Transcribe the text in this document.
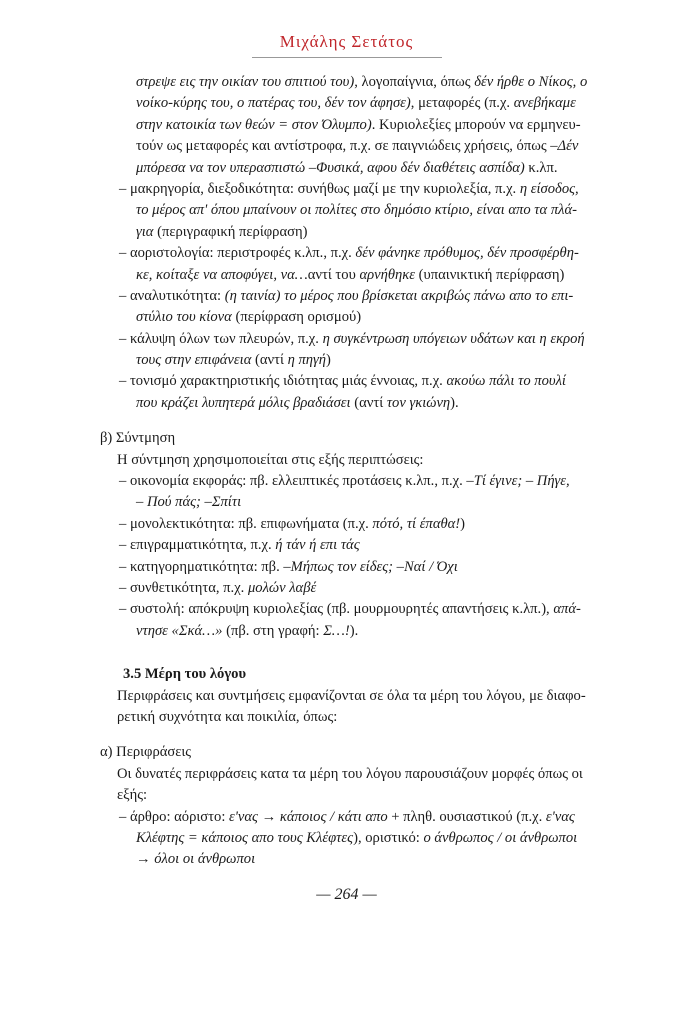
Μιχάλης Σετάτος
στρεψε εις την οικίαν του σπιτιού του), λογοπαίγνια, όπως δέν ήρθε ο Νίκος, ο
νοίκο-κύρης του, ο πατέρας του, δέν τον άφησε), μεταφορές (π.χ. ανεβήκαμε
στην κατοικία των θεών = στον Όλυμπο). Κυριολεξίες μπορούν να ερμηνευ-
τούν ως μεταφορές και αντίστροφα, π.χ. σε παιγνιώδεις χρήσεις, όπως –Δέν
μπόρεσα να τον υπερασπιστώ –Φυσικά, αφου δέν διαθέτεις ασπίδα) κ.λπ.
– μακρηγορία, διεξοδικότητα: συνήθως μαζί με την κυριολεξία, π.χ. η είσοδος,
το μέρος απ' όπου μπαίνουν οι πολίτες στο δημόσιο κτίριο, είναι απο τα πλά-
για (περιγραφική περίφραση)
– αοριστολογία: περιστροφές κ.λπ., π.χ. δέν φάνηκε πρόθυμος, δέν προσφέρθη-
κε, κοίταξε να αποφύγει, να…αντί του αρνήθηκε (υπαινικτική περίφραση)
– αναλυτικότητα: (η ταινία) το μέρος που βρίσκεται ακριβώς πάνω απο το επι-
στύλιο του κίονα (περίφραση ορισμού)
– κάλυψη όλων των πλευρών, π.χ. η συγκέντρωση υπόγειων υδάτων και η εκροή
τους στην επιφάνεια (αντί η πηγή)
– τονισμό χαρακτηριστικής ιδιότητας μιάς έννοιας, π.χ. ακούω πάλι το πουλί
που κράζει λυπητερά μόλις βραδιάσει (αντί τον γκιώνη).
β) Σύντμηση
Η σύντμηση χρησιμοποιείται στις εξής περιπτώσεις:
– οικονομία εκφοράς: πβ. ελλειπτικές προτάσεις κ.λπ., π.χ. –Τί έγινε; – Πήγε,
– Πού πάς; –Σπίτι
– μονολεκτικότητα: πβ. επιφωνήματα (π.χ. πότό, τί έπαθα!)
– επιγραμματικότητα, π.χ. ή τάν ή επι τάς
– κατηγορηματικότητα: πβ. –Μήπως τον είδες; –Ναί / Όχι
– συνθετικότητα, π.χ. μολών λαβέ
– συστολή: απόκρυψη κυριολεξίας (πβ. μουρμουρητές απαντήσεις κ.λπ.), απά-
ντησε «Σκά…» (πβ. στη γραφή: Σ…!).
3.5 Μέρη του λόγου
Περιφράσεις και συντμήσεις εμφανίζονται σε όλα τα μέρη του λόγου, με διαφο-
ρετική συχνότητα και ποικιλία, όπως:
α) Περιφράσεις
Οι δυνατές περιφράσεις κατα τα μέρη του λόγου παρουσιάζουν μορφές όπως οι
εξής:
– άρθρο: αόριστο: ε'νας → κάποιος / κάτι απο + πληθ. ουσιαστικού (π.χ. ε'νας
Κλέφτης = κάποιος απο τους Κλέφτες), οριστικό: ο άνθρωπος / οι άνθρωποι
→ όλοι οι άνθρωποι
— 264 —
